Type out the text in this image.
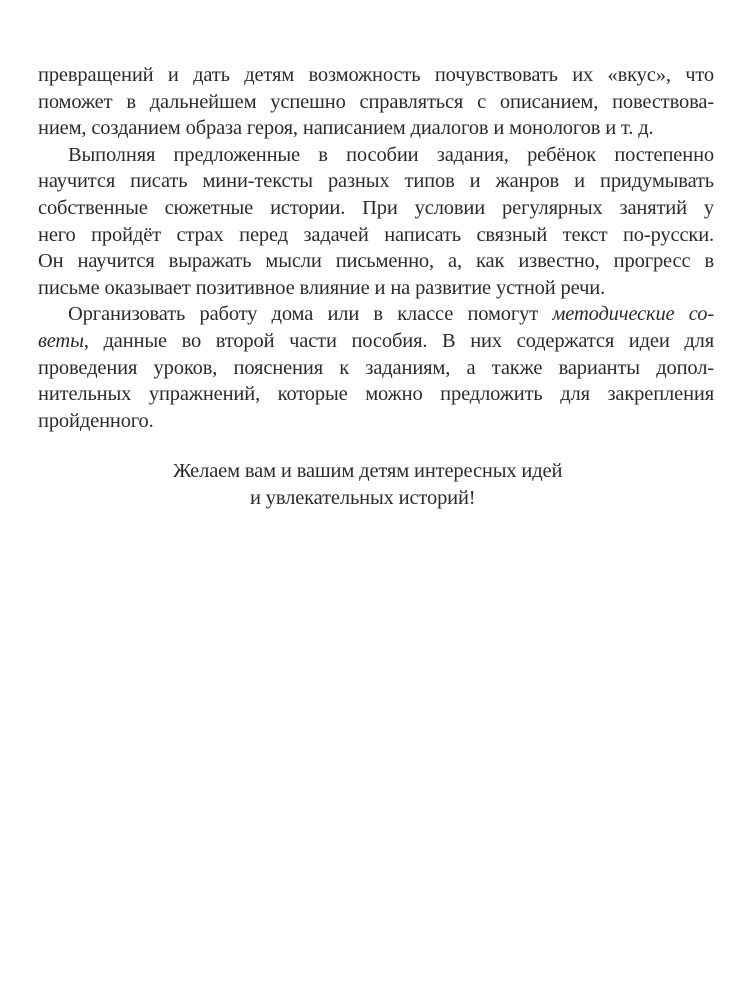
превращений и дать детям возможность почувствовать их «вкус», что
поможет в дальнейшем успешно справляться с описанием, повествова-
нием, созданием образа героя, написанием диалогов и монологов и т. д.
Выполняя предложенные в пособии задания, ребёнок постепенно
научится писать мини-тексты разных типов и жанров и придумывать
собственные сюжетные истории. При условии регулярных занятий у
него пройдёт страх перед задачей написать связный текст по-русски.
Он научится выражать мысли письменно, а, как известно, прогресс в
письме оказывает позитивное влияние и на развитие устной речи.
Организовать работу дома или в классе помогут методические со-
веты, данные во второй части пособия. В них содержатся идеи для
проведения уроков, пояснения к заданиям, а также варианты допол-
нительных упражнений, которые можно предложить для закрепления
пройденного.
Желаем вам и вашим детям интересных идей
и увлекательных историй!
